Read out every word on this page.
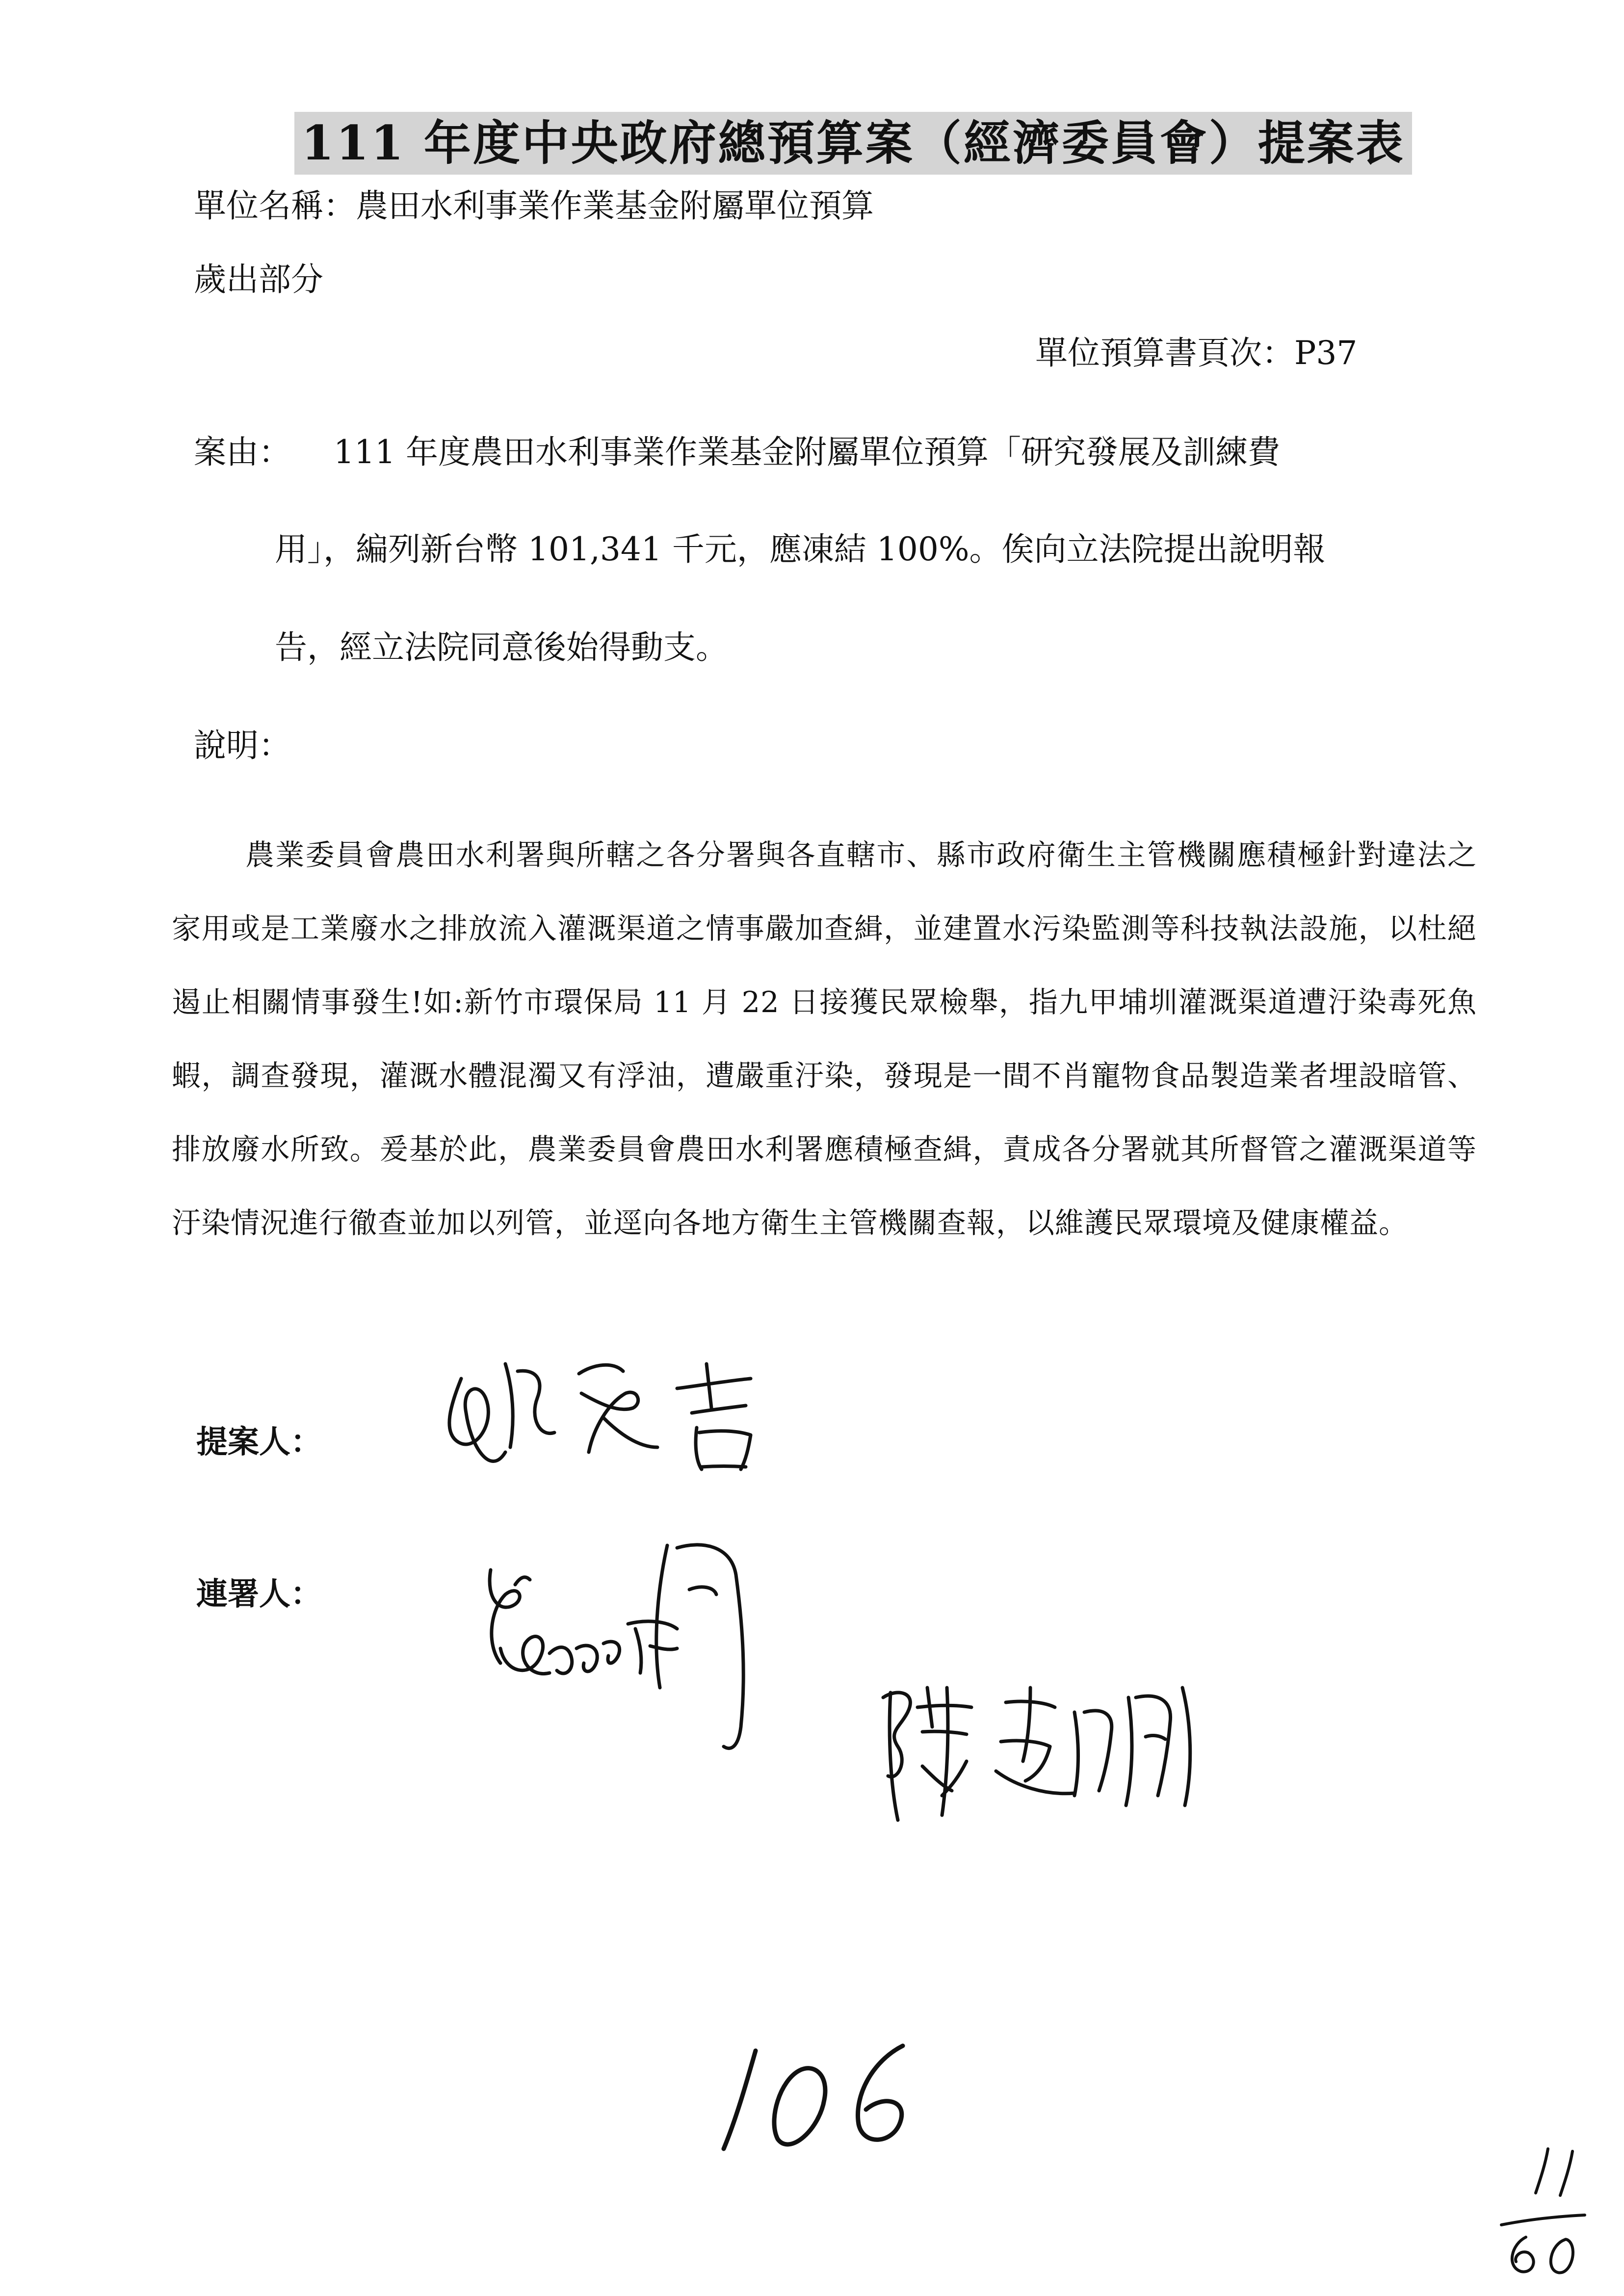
111 年度中央政府總預算案（經濟委員會）提案表
單位名稱：農田水利事業作業基金附屬單位預算
歲出部分
單位預算書頁次：P37
案由： 111 年度農田水利事業作業基金附屬單位預算「研究發展及訓練費
用」，編列新台幣 101,341 千元，應凍結 100%。俟向立法院提出說明報
告，經立法院同意後始得動支。
說明：
農業委員會農田水利署與所轄之各分署與各直轄市、縣市政府衛生主管機關應積極針對違法之家用或是工業廢水之排放流入灌溉渠道之情事嚴加查緝，並建置水污染監測等科技執法設施，以杜絕遏止相關情事發生!如:新竹市環保局 11 月 22 日接獲民眾檢舉，指九甲埔圳灌溉渠道遭汙染毒死魚蝦，調查發現，灌溉水體混濁又有浮油，遭嚴重汙染，發現是一間不肖寵物食品製造業者埋設暗管、排放廢水所致。爰基於此，農業委員會農田水利署應積極查緝，責成各分署就其所督管之灌溉渠道等汙染情況進行徹查並加以列管，並逕向各地方衛生主管機關查報，以維護民眾環境及健康權益。
提案人：
連署人：
